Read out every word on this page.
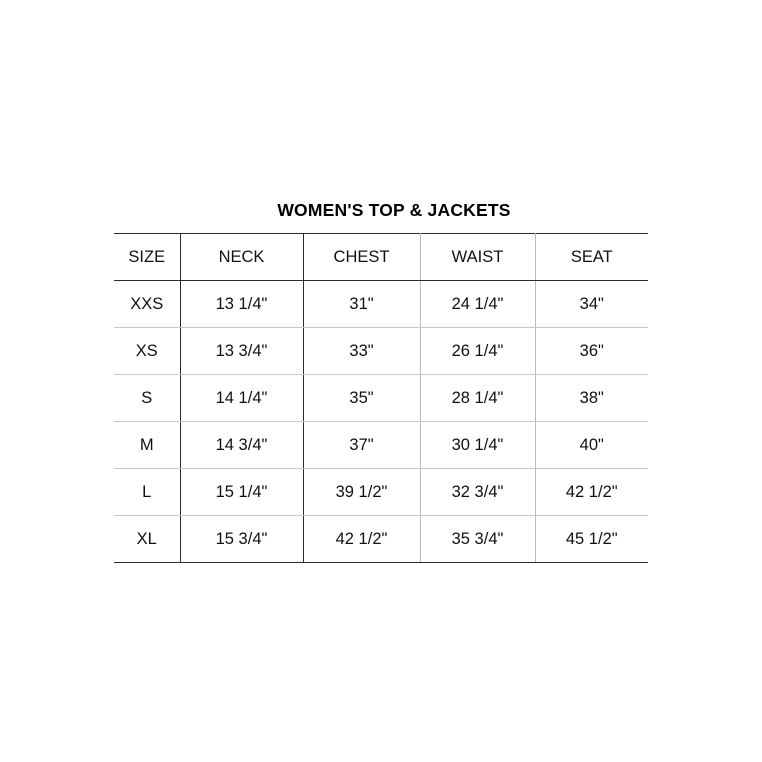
WOMEN'S TOP & JACKETS
SIZE	NECK	CHEST	WAIST	SEAT
XXS	13 1/4"	31"	24 1/4"	34"
XS	13 3/4"	33"	26 1/4"	36"
S	14 1/4"	35"	28 1/4"	38"
M	14 3/4"	37"	30 1/4"	40"
L	15 1/4"	39 1/2"	32 3/4"	42 1/2"
XL	15 3/4"	42 1/2"	35 3/4"	45 1/2"
